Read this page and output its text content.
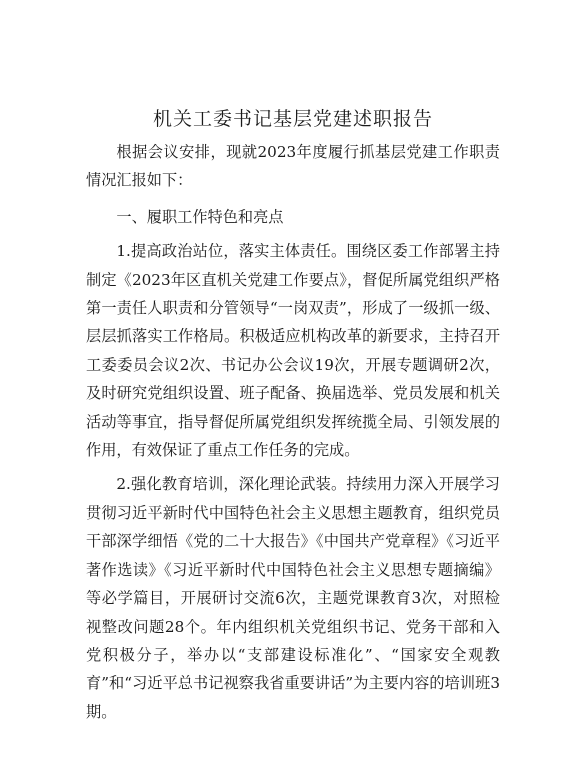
机关工委书记基层党建述职报告

根据会议安排，现就2023年度履行抓基层党建工作职责情况汇报如下：

一、履职工作特色和亮点

1.提高政治站位，落实主体责任。围绕区委工作部署主持制定《2023年区直机关党建工作要点》，督促所属党组织严格第一责任人职责和分管领导“一岗双责”，形成了一级抓一级、层层抓落实工作格局。积极适应机构改革的新要求，主持召开工委委员会议2次、书记办公会议19次，开展专题调研2次，及时研究党组织设置、班子配备、换届选举、党员发展和机关活动等事宜，指导督促所属党组织发挥统揽全局、引领发展的作用，有效保证了重点工作任务的完成。

2.强化教育培训，深化理论武装。持续用力深入开展学习贯彻习近平新时代中国特色社会主义思想主题教育，组织党员干部深学细悟《党的二十大报告》《中国共产党章程》《习近平著作选读》《习近平新时代中国特色社会主义思想专题摘编》等必学篇目，开展研讨交流6次，主题党课教育3次，对照检视整改问题28个。年内组织机关党组织书记、党务干部和入党积极分子，举办以“支部建设标准化”、“国家安全观教育”和“习近平总书记视察我省重要讲话”为主要内容的培训班3期。
